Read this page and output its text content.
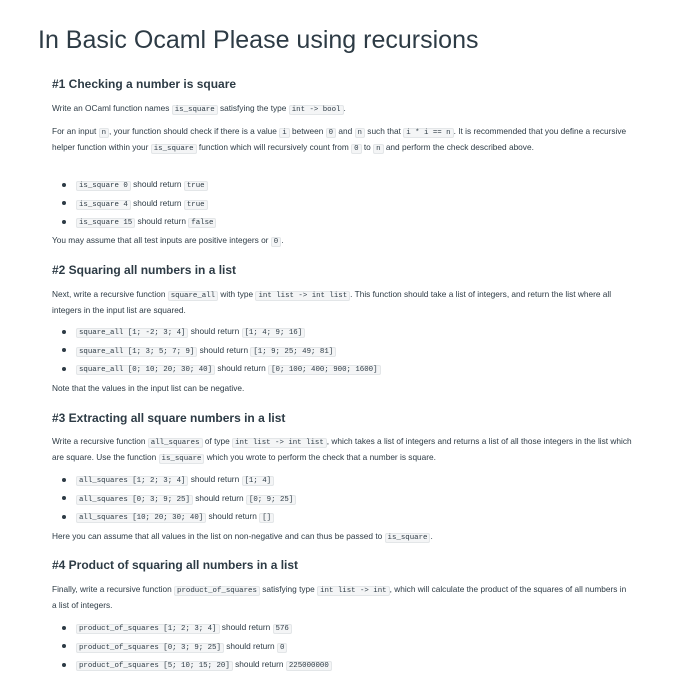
In Basic Ocaml Please using recursions
#1 Checking a number is square

Write an OCaml function names is_square satisfying the type int -> bool .

For an input n , your function should check if there is a value i between 0 and n such that i * i == n . It is recommended that you define a recursive helper function within your is_square function which will recursively count from 0 to n and perform the check described above.

is_square 0 should return true
is_square 4 should return true
is_square 15 should return false

You may assume that all test inputs are positive integers or 0 .

#2 Squaring all numbers in a list

Next, write a recursive function square_all with type int list -> int list . This function should take a list of integers, and return the list where all integers in the input list are squared.

square_all [1; -2; 3; 4] should return [1; 4; 9; 16]
square_all [1; 3; 5; 7; 9] should return [1; 9; 25; 49; 81]
square_all [0; 10; 20; 30; 40] should return [0; 100; 400; 900; 1600]

Note that the values in the input list can be negative.

#3 Extracting all square numbers in a list

Write a recursive function all_squares of type int list -> int list , which takes a list of integers and returns a list of all those integers in the list which are square. Use the function is_square which you wrote to perform the check that a number is square.

all_squares [1; 2; 3; 4] should return [1; 4]
all_squares [0; 3; 9; 25] should return [0; 9; 25]
all_squares [10; 20; 30; 40] should return []

Here you can assume that all values in the list on non-negative and can thus be passed to is_square .

#4 Product of squaring all numbers in a list

Finally, write a recursive function product_of_squares satisfying type int list -> int , which will calculate the product of the squares of all numbers in a list of integers.

product_of_squares [1; 2; 3; 4] should return 576
product_of_squares [0; 3; 9; 25] should return 0
product_of_squares [5; 10; 15; 20] should return 225000000
